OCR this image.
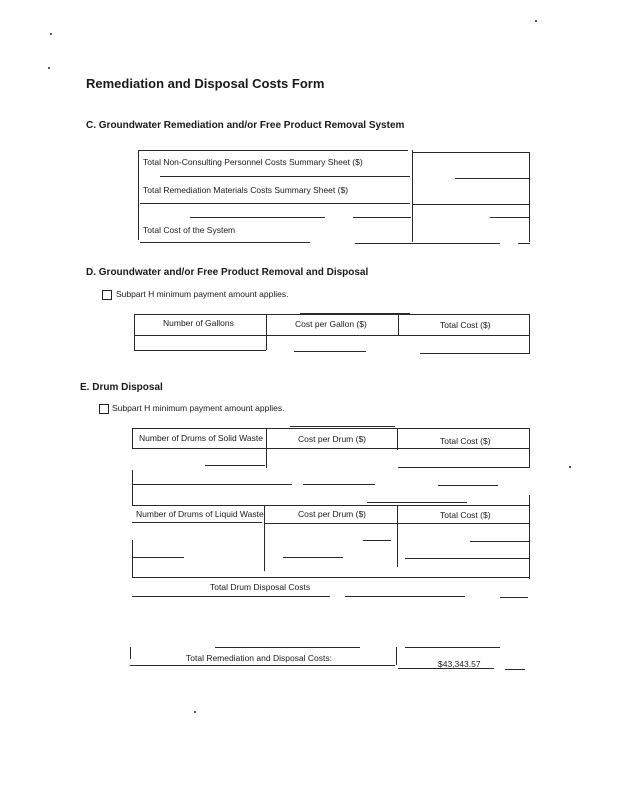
Remediation and Disposal Costs Form
C. Groundwater Remediation and/or Free Product Removal System
Total Non-Consulting Personnel Costs Summary Sheet ($)
Total Remediation Materials Costs Summary Sheet ($)
Total Cost of the System
D. Groundwater and/or Free Product Removal and Disposal
Subpart H minimum payment amount applies.
Number of Gallons	Cost per Gallon ($)	Total Cost ($)
E. Drum Disposal
Subpart H minimum payment amount applies.
Number of Drums of Solid Waste	Cost per Drum ($)	Total Cost ($)
Number of Drums of Liquid Waste	Cost per Drum ($)	Total Cost ($)
Total Drum Disposal Costs
Total Remediation and Disposal Costs:
$43,343.57
